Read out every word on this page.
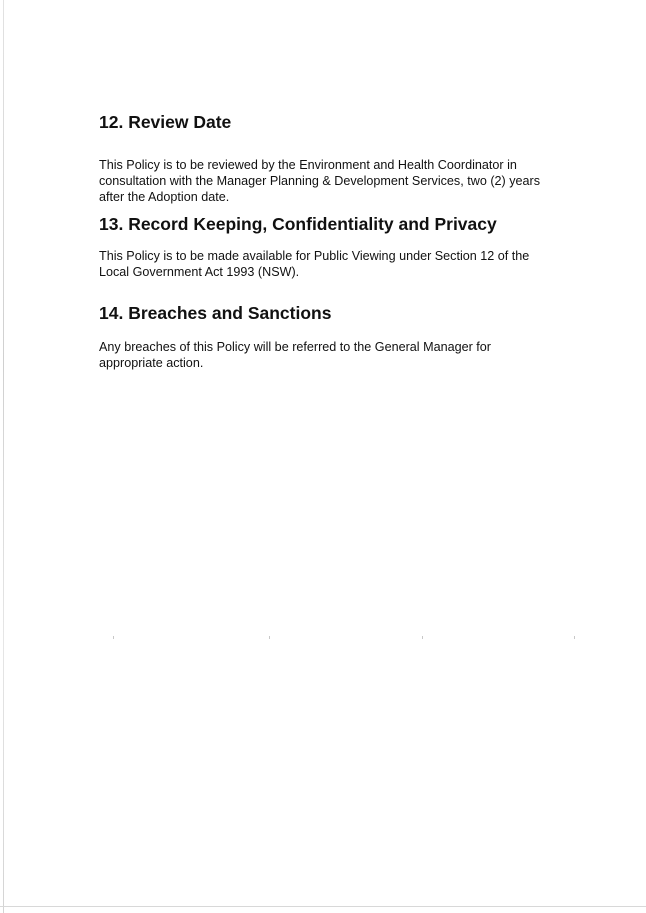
12. Review Date

This Policy is to be reviewed by the Environment and Health Coordinator in
consultation with the Manager Planning & Development Services, two (2) years
after the Adoption date.

13. Record Keeping, Confidentiality and Privacy

This Policy is to be made available for Public Viewing under Section 12 of the
Local Government Act 1993 (NSW).

14. Breaches and Sanctions

Any breaches of this Policy will be referred to the General Manager for
appropriate action.
